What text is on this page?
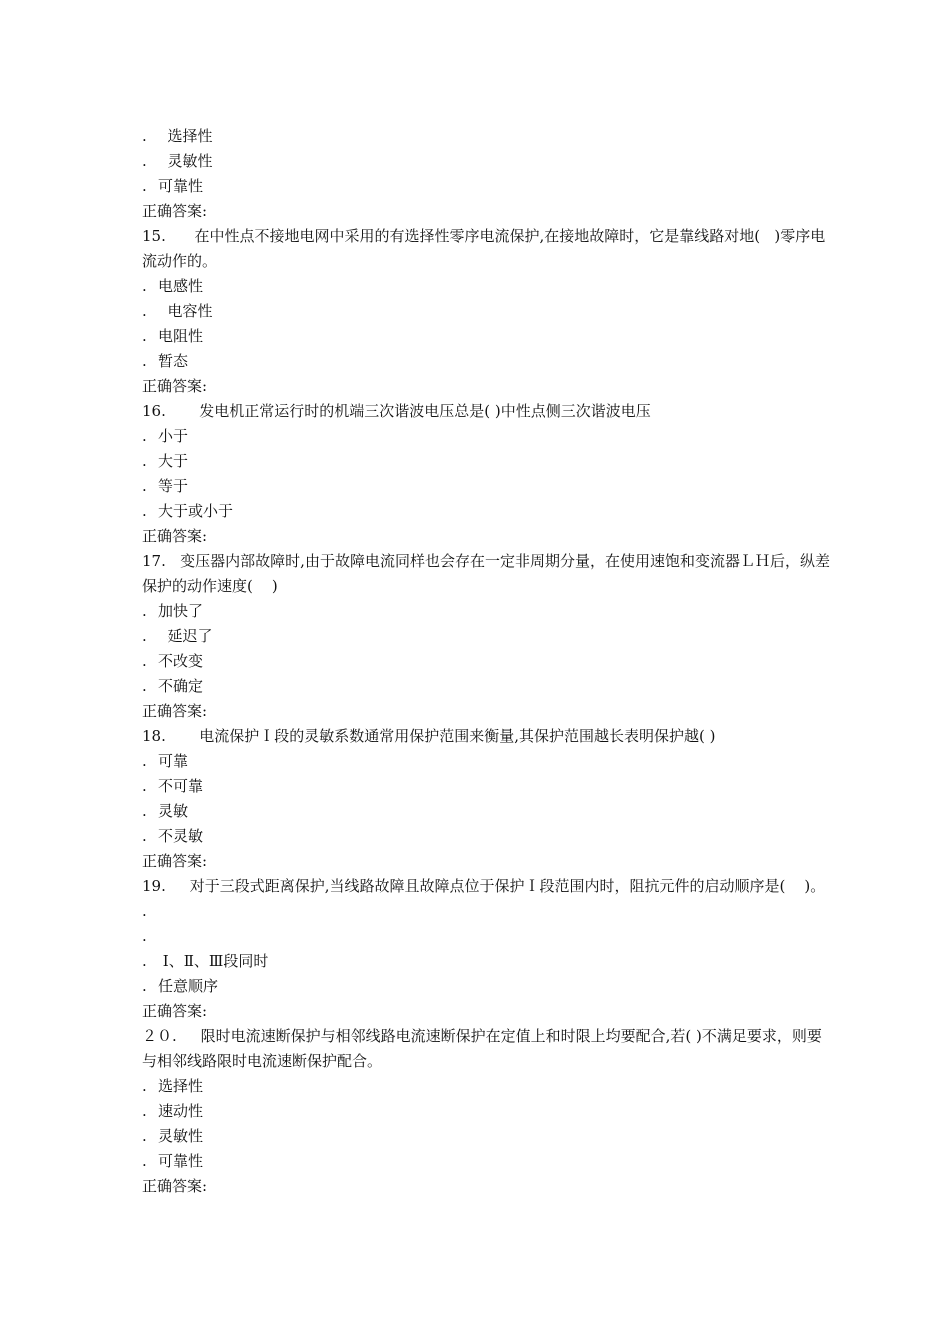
.  选择性
.  灵敏性
. 可靠性
正确答案:
15. 在中性点不接地电网中采用的有选择性零序电流保护,在接地故障时，它是靠线路对地(   )零序电流动作的。
. 电感性
.  电容性
. 电阻性
. 暂态
正确答案:
16. 发电机正常运行时的机端三次谐波电压总是( )中性点侧三次谐波电压
. 小于
. 大于
. 等于
. 大于或小于
正确答案:
17. 变压器内部故障时,由于故障电流同样也会存在一定非周期分量，在使用速饱和变流器ＬＨ后，纵差保护的动作速度(    )
. 加快了
.  延迟了
. 不改变
. 不确定
正确答案:
18. 电流保护Ｉ段的灵敏系数通常用保护范围来衡量,其保护范围越长表明保护越( )
. 可靠
. 不可靠
. 灵敏
. 不灵敏
正确答案:
19. 对于三段式距离保护,当线路故障且故障点位于保护Ｉ段范围内时，阻抗元件的启动顺序是(    )。
.
.
. Ⅰ、Ⅱ、Ⅲ段同时
. 任意顺序
正确答案:
２０. 限时电流速断保护与相邻线路电流速断保护在定值上和时限上均要配合,若( )不满足要求，则要与相邻线路限时电流速断保护配合。
. 选择性
. 速动性
. 灵敏性
. 可靠性
正确答案:
